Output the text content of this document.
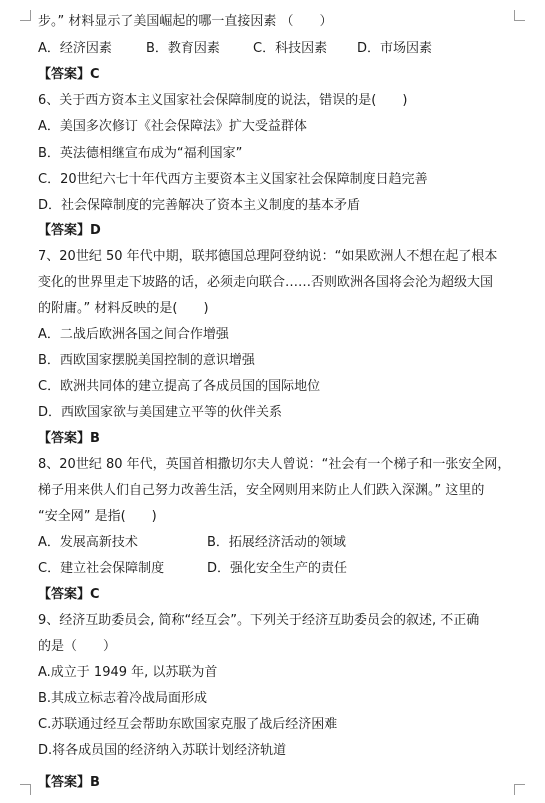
步。” 材料显示了美国崛起的哪一直接因素 （　　）
A．经济因素	B．教育因素	C．科技因素 D．市场因素
【答案】C
6、关于西方资本主义国家社会保障制度的说法，错误的是(　　)
A．美国多次修订《社会保障法》扩大受益群体
B．英法德相继宣布成为“福利国家”
C．20世纪六七十年代西方主要资本主义国家社会保障制度日趋完善
D．社会保障制度的完善解决了资本主义制度的基本矛盾
【答案】D
7、20世纪 50 年代中期，联邦德国总理阿登纳说：“如果欧洲人不想在起了根本
变化的世界里走下坡路的话，必须走向联合……否则欧洲各国将会沦为超级大国
的附庸。” 材料反映的是(　　)
A．二战后欧洲各国之间合作增强
B．西欧国家摆脱美国控制的意识增强
C．欧洲共同体的建立提高了各成员国的国际地位
D．西欧国家欲与美国建立平等的伙伴关系
【答案】B
8、20世纪 80 年代，英国首相撒切尔夫人曾说：“社会有一个梯子和一张安全网，
梯子用来供人们自己努力改善生活，安全网则用来防止人们跌入深渊。” 这里的
“安全网” 是指(　　)
A．发展高新技术	B．拓展经济活动的领域
C．建立社会保障制度	D．强化安全生产的责任
【答案】C
9、经济互助委员会, 简称“经互会”。下列关于经济互助委员会的叙述, 不正确
的是（　　）
A.成立于 1949 年, 以苏联为首
B.其成立标志着冷战局面形成
C.苏联通过经互会帮助东欧国家克服了战后经济困难
D.将各成员国的经济纳入苏联计划经济轨道
【答案】B
